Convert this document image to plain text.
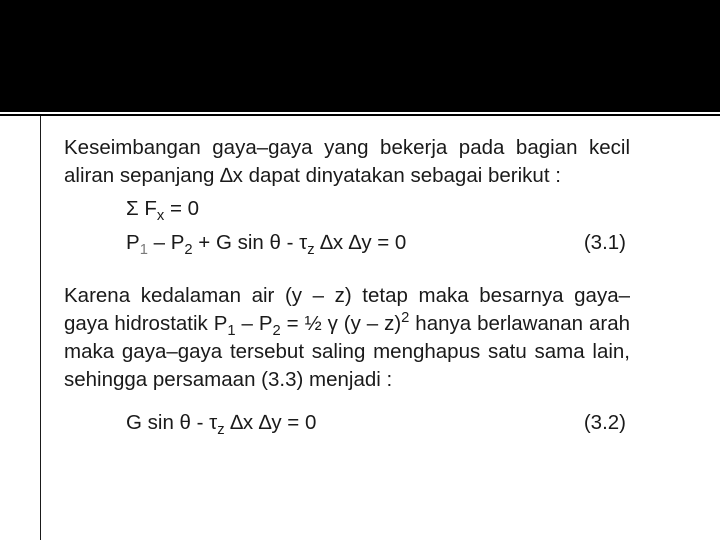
Keseimbangan gaya–gaya yang bekerja pada bagian kecil aliran sepanjang ∆x dapat dinyatakan sebagai berikut :
Σ $F_x = 0$
$P_1 - P_2 + G$ sin θ - $\tau_z$ ∆x ∆y = 0	(3.1)
Karena kedalaman air (y – z) tetap maka besarnya gaya–gaya hidrostatik $P_1 - P_2$ = ½ γ (y – z)$^2$ hanya berlawanan arah maka gaya–gaya tersebut saling menghapus satu sama lain, sehingga persamaan (3.3) menjadi :
G sin θ - $\tau_z$ ∆x ∆y = 0	(3.2)
